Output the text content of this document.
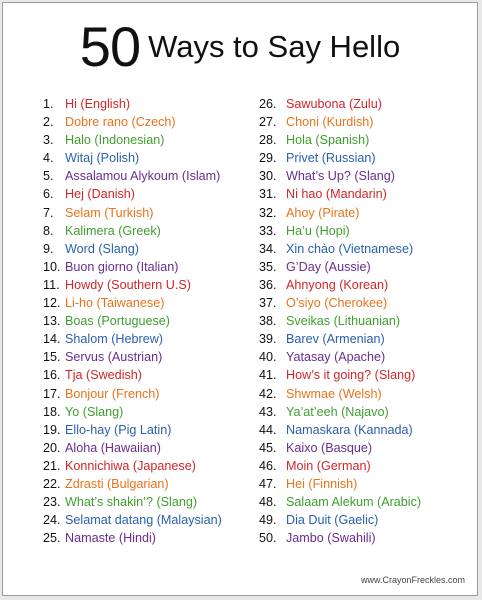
50 Ways to Say Hello
1. Hi (English)
2. Dobre rano (Czech)
3. Halo (Indonesian)
4. Witaj (Polish)
5. Assalamou Alykoum (Islam)
6. Hej (Danish)
7. Selam (Turkish)
8. Kalimera (Greek)
9. Word (Slang)
10. Buon giorno (Italian)
11. Howdy (Southern U.S)
12. Li-ho (Taiwanese)
13. Boas (Portuguese)
14. Shalom (Hebrew)
15. Servus (Austrian)
16. Tja (Swedish)
17. Bonjour (French)
18. Yo (Slang)
19. Ello-hay (Pig Latin)
20. Aloha (Hawaiian)
21. Konnichiwa (Japanese)
22. Zdrasti (Bulgarian)
23. What’s shakin’? (Slang)
24. Selamat datang (Malaysian)
25. Namaste (Hindi)
26. Sawubona (Zulu)
27. Choni (Kurdish)
28. Hola (Spanish)
29. Privet (Russian)
30. What’s Up? (Slang)
31. Ni hao (Mandarin)
32. Ahoy (Pirate)
33. Ha’u (Hopi)
34. Xin chào (Vietnamese)
35. G’Day (Aussie)
36. Ahnyong (Korean)
37. O’siyo (Cherokee)
38. Sveikas (Lithuanian)
39. Barev (Armenian)
40. Yatasay (Apache)
41. How’s it going? (Slang)
42. Shwmae (Welsh)
43. Ya’at’eeh (Najavo)
44. Namaskara (Kannada)
45. Kaixo (Basque)
46. Moin (German)
47. Hei (Finnish)
48. Salaam Alekum (Arabic)
49. Dia Duit (Gaelic)
50. Jambo (Swahili)
www.CrayonFreckles.com
